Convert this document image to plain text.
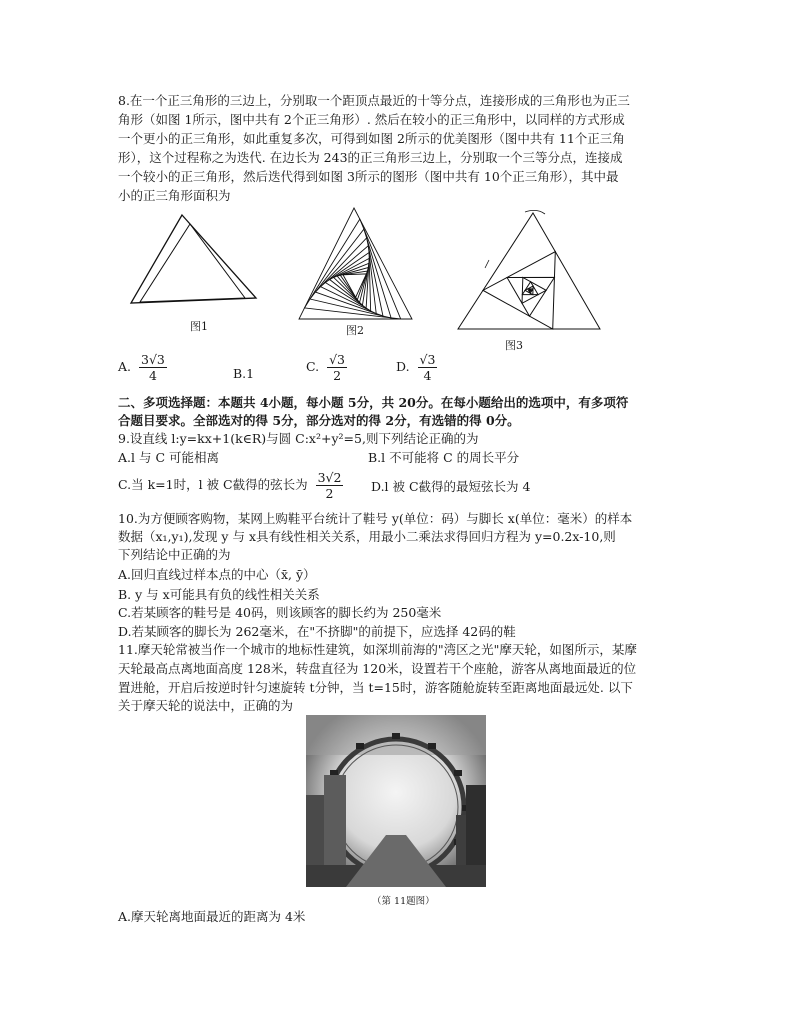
8.在一个正三角形的三边上，分别取一个距顶点最近的十等分点，连接形成的三角形也为正三
角形（如图 1所示，图中共有 2个正三角形）. 然后在较小的正三角形中，以同样的方式形成
一个更小的正三角形，如此重复多次，可得到如图 2所示的优美图形（图中共有 11个正三角
形），这个过程称之为迭代. 在边长为 243的正三角形三边上，分别取一个三等分点，连接成
一个较小的正三角形，然后迭代得到如图 3所示的图形（图中共有 10个正三角形），其中最
小的正三角形面积为
图1	图2
图3
A. $\frac{3√3}{4}$	B.1	C. $\frac{√3}{2}$	D. $\frac{√3}{4}$
二、多项选择题：本题共 4小题，每小题 5分，共 20分。在每小题给出的选项中，有多项符
合题目要求。全部选对的得 5分，部分选对的得 2分，有选错的得 0分。
9.设直线 l:y=kx+1(k∈R)与圆 C:x²+y²=5,则下列结论正确的为
A.l 与 C 可能相离	B.l 不可能将 C 的周长平分
C.当 k=1时，l 被 C截得的弦长为 $\frac{3√2}{2} D.l$ 被 C截得的最短弦长为 4
10.为方便顾客购物，某网上购鞋平台统计了鞋号 y(单位：码）与脚长 x(单位：毫米）的样本
数据（x₁,y₁),发现 y 与 x具有线性相关关系，用最小二乘法求得回归方程为 y=0.2x-10,则
下列结论中正确的为
A.回归直线过样本点的中心（x̄, ȳ）
B. y 与 x可能具有负的线性相关关系
C.若某顾客的鞋号是 40码，则该顾客的脚长约为 250毫米
D.若某顾客的脚长为 262毫米，在"不挤脚"的前提下，应选择 42码的鞋
11.摩天轮常被当作一个城市的地标性建筑，如深圳前海的"湾区之光"摩天轮，如图所示，某摩
天轮最高点离地面高度 128米，转盘直径为 120米，设置若干个座舱，游客从离地面最近的位
置进舱，开启后按逆时针匀速旋转 t分钟，当 t=15时，游客随舱旋转至距离地面最远处. 以下
关于摩天轮的说法中，正确的为
（第 11题图）
A.摩天轮离地面最近的距离为 4米
